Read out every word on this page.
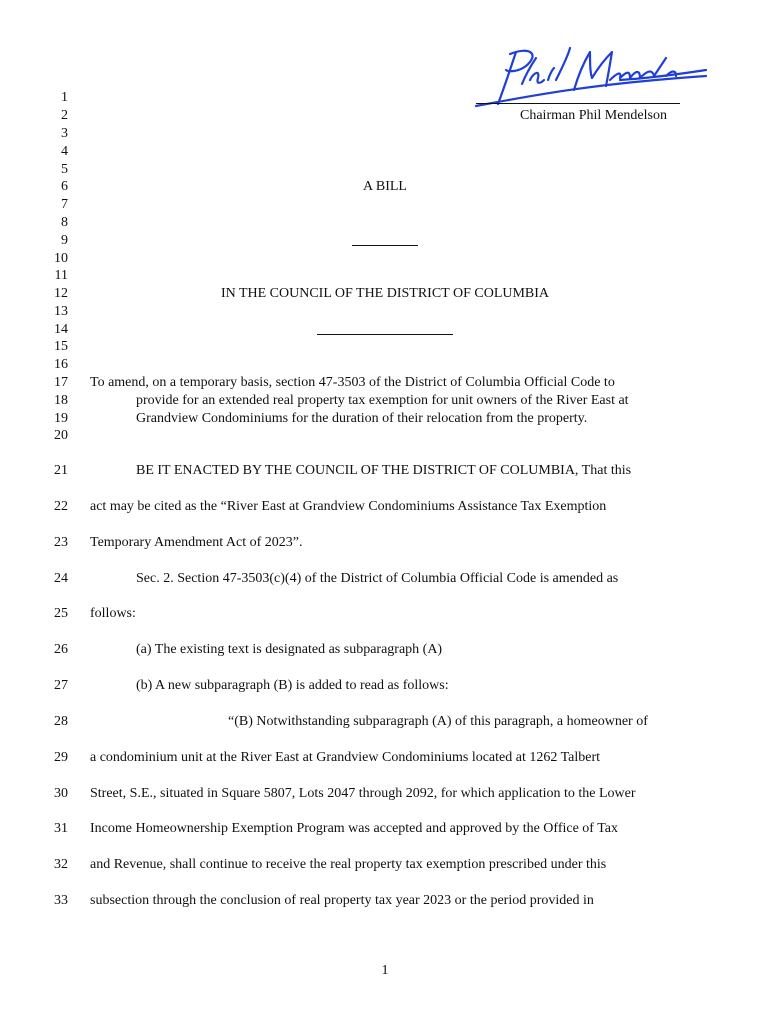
Chairman Phil Mendelson
1
2
3
4
5
6
7
8
9
10
11
12
13
14
15
16
17
18
19
20
21
22
23
24
25
26
27
28
29
30
31
32
33
A BILL
IN THE COUNCIL OF THE DISTRICT OF COLUMBIA
To amend, on a temporary basis, section 47-3503 of the District of Columbia Official Code to
provide for an extended real property tax exemption for unit owners of the River East at
Grandview Condominiums for the duration of their relocation from the property.
BE IT ENACTED BY THE COUNCIL OF THE DISTRICT OF COLUMBIA, That this
act may be cited as the “River East at Grandview Condominiums Assistance Tax Exemption
Temporary Amendment Act of 2023”.
Sec. 2. Section 47-3503(c)(4) of the District of Columbia Official Code is amended as
follows:
(a) The existing text is designated as subparagraph (A)
(b) A new subparagraph (B) is added to read as follows:
“(B) Notwithstanding subparagraph (A) of this paragraph, a homeowner of
a condominium unit at the River East at Grandview Condominiums located at 1262 Talbert
Street, S.E., situated in Square 5807, Lots 2047 through 2092, for which application to the Lower
Income Homeownership Exemption Program was accepted and approved by the Office of Tax
and Revenue, shall continue to receive the real property tax exemption prescribed under this
subsection through the conclusion of real property tax year 2023 or the period provided in
1
